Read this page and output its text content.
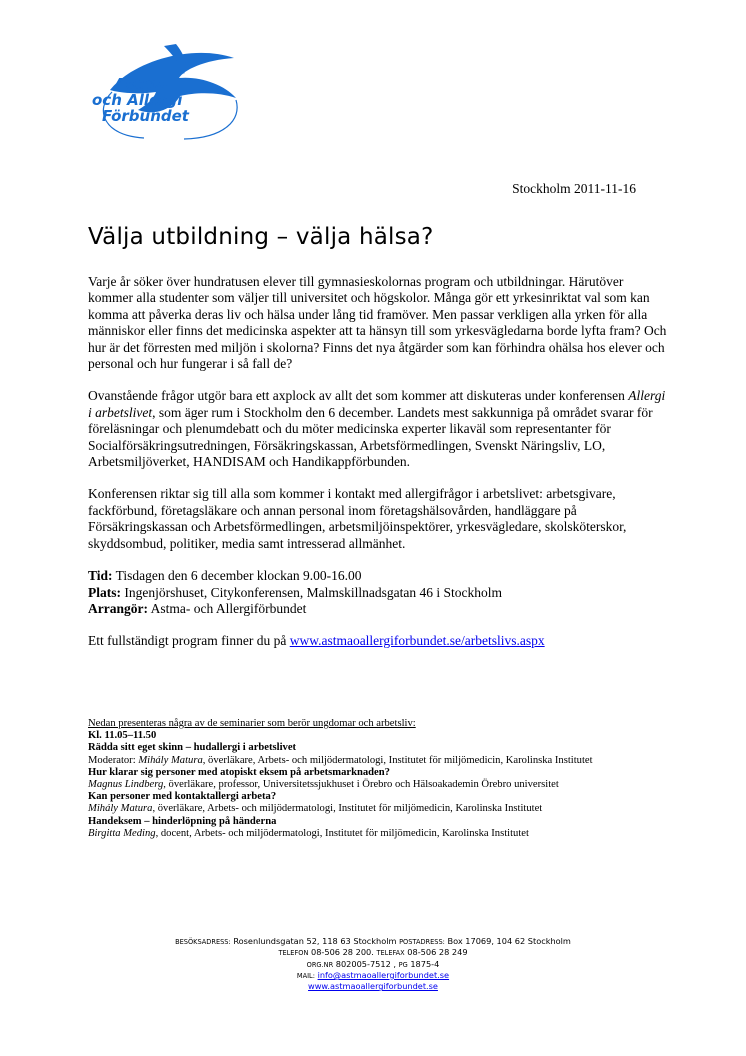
Astma
och Allergi
Förbundet
Stockholm 2011-11-16
Välja utbildning – välja hälsa?

Varje år söker över hundratusen elever till gymnasieskolornas program och utbildningar. Härutöver kommer alla studenter som väljer till universitet och högskolor. Många gör ett yrkesinriktat val som kan komma att påverka deras liv och hälsa under lång tid framöver. Men passar verkligen alla yrken för alla människor eller finns det medicinska aspekter att ta hänsyn till som yrkesvägledarna borde lyfta fram? Och hur är det förresten med miljön i skolorna? Finns det nya åtgärder som kan förhindra ohälsa hos elever och personal och hur fungerar i så fall de?

Ovanstående frågor utgör bara ett axplock av allt det som kommer att diskuteras under konferensen Allergi i arbetslivet, som äger rum i Stockholm den 6 december. Landets mest sakkunniga på området svarar för föreläsningar och plenumdebatt och du möter medicinska experter likaväl som representanter för Socialförsäkringsutredningen, Försäkringskassan, Arbetsförmedlingen, Svenskt Näringsliv, LO, Arbetsmiljöverket, HANDISAM och Handikappförbunden.

Konferensen riktar sig till alla som kommer i kontakt med allergifrågor i arbetslivet: arbetsgivare, fackförbund, företagsläkare och annan personal inom företagshälsovården, handläggare på Försäkringskassan och Arbetsförmedlingen, arbetsmiljöinspektörer, yrkesvägledare, skolsköterskor, skyddsombud, politiker, media samt intresserad allmänhet.

Tid: Tisdagen den 6 december klockan 9.00-16.00
Plats: Ingenjörshuset, Citykonferensen, Malmskillnadsgatan 46 i Stockholm
Arrangör: Astma- och Allergiförbundet

Ett fullständigt program finner du på www.astmaoallergiforbundet.se/arbetslivs.aspx

Nedan presenteras några av de seminarier som berör ungdomar och arbetsliv:
Kl. 11.05–11.50
Rädda sitt eget skinn – hudallergi i arbetslivet
Moderator: Mihály Matura, överläkare, Arbets- och miljödermatologi, Institutet för miljömedicin, Karolinska Institutet
Hur klarar sig personer med atopiskt eksem på arbetsmarknaden?
Magnus Lindberg, överläkare, professor, Universitetssjukhuset i Örebro och Hälsoakademin Örebro universitet
Kan personer med kontaktallergi arbeta?
Mihály Matura, överläkare, Arbets- och miljödermatologi, Institutet för miljömedicin, Karolinska Institutet
Handeksem – hinderlöpning på händerna
Birgitta Meding, docent, Arbets- och miljödermatologi, Institutet för miljömedicin, Karolinska Institutet
BESÖKSADRESS: Rosenlundsgatan 52, 118 63 Stockholm POSTADRESS: Box 17069, 104 62 Stockholm
TELEFON 08-506 28 200. TELEFAX 08-506 28 249
ORG.NR 802005-7512 , PG 1875-4
MAIL: info@astmaoallergiforbundet.se
www.astmaoallergiforbundet.se
